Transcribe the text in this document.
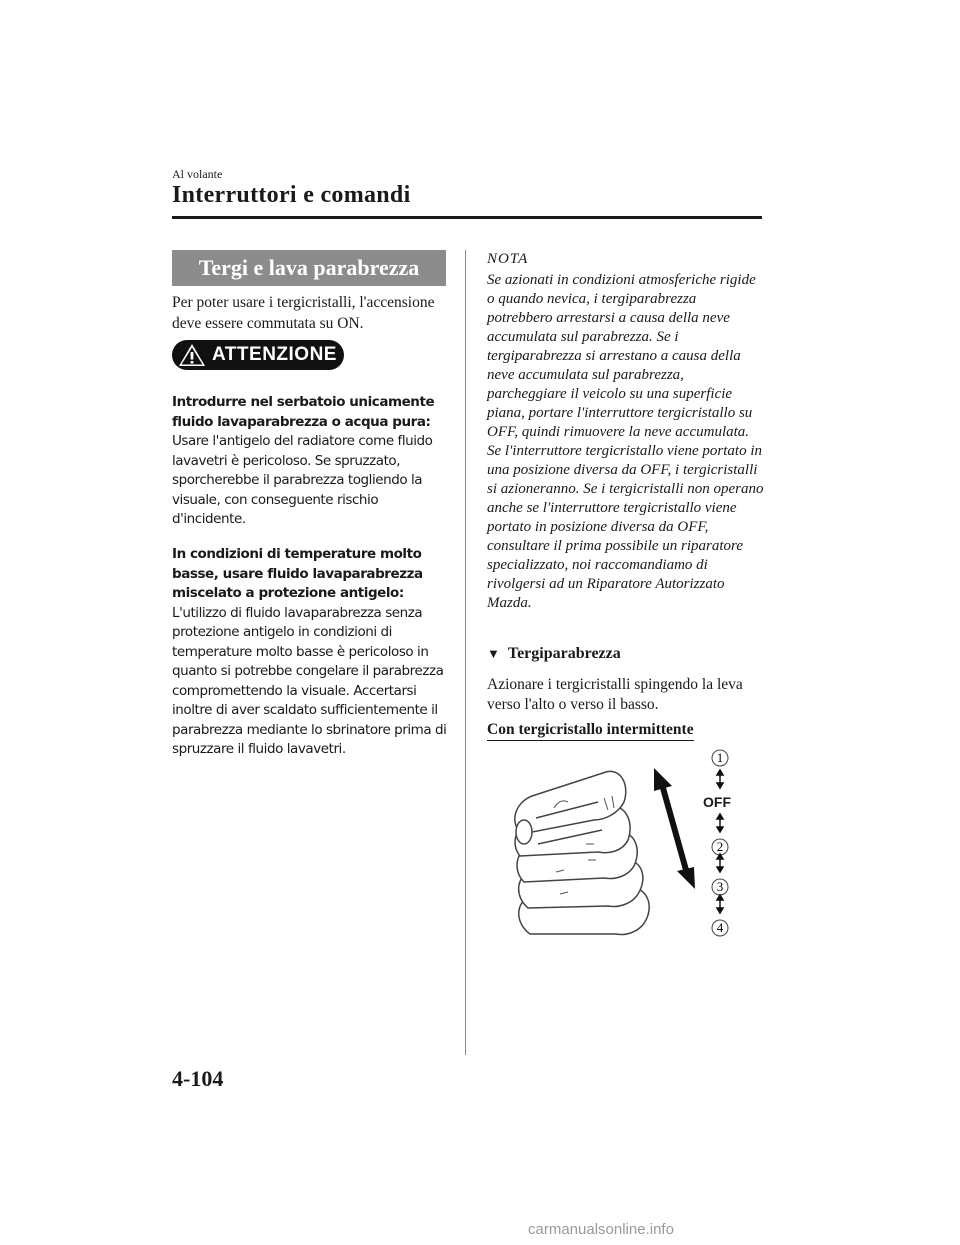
Al volante
Interruttori e comandi
Tergi e lava parabrezza
Per poter usare i tergicristalli, l'accensione deve essere commutata su ON.
ATTENZIONE
Introdurre nel serbatoio unicamente fluido lavaparabrezza o acqua pura:
Usare l'antigelo del radiatore come fluido lavavetri è pericoloso. Se spruzzato, sporcherebbe il parabrezza togliendo la visuale, con conseguente rischio d'incidente.
In condizioni di temperature molto basse, usare fluido lavaparabrezza miscelato a protezione antigelo:
L'utilizzo di fluido lavaparabrezza senza protezione antigelo in condizioni di temperature molto basse è pericoloso in quanto si potrebbe congelare il parabrezza compromettendo la visuale. Accertarsi inoltre di aver scaldato sufficientemente il parabrezza mediante lo sbrinatore prima di spruzzare il fluido lavavetri.
NOTA
Se azionati in condizioni atmosferiche rigide o quando nevica, i tergiparabrezza potrebbero arrestarsi a causa della neve accumulata sul parabrezza. Se i tergiparabrezza si arrestano a causa della neve accumulata sul parabrezza, parcheggiare il veicolo su una superficie piana, portare l'interruttore tergicristallo su OFF, quindi rimuovere la neve accumulata. Se l'interruttore tergicristallo viene portato in una posizione diversa da OFF, i tergicristalli si azioneranno. Se i tergicristalli non operano anche se l'interruttore tergicristallo viene portato in posizione diversa da OFF, consultare il prima possibile un riparatore specializzato, noi raccomandiamo di rivolgersi ad un Riparatore Autorizzato Mazda.
▼ Tergiparabrezza
Azionare i tergicristalli spingendo la leva verso l'alto o verso il basso.
Con tergicristallo intermittente
1
2
3
4
OFF
4-104
carmanualsonline.info
